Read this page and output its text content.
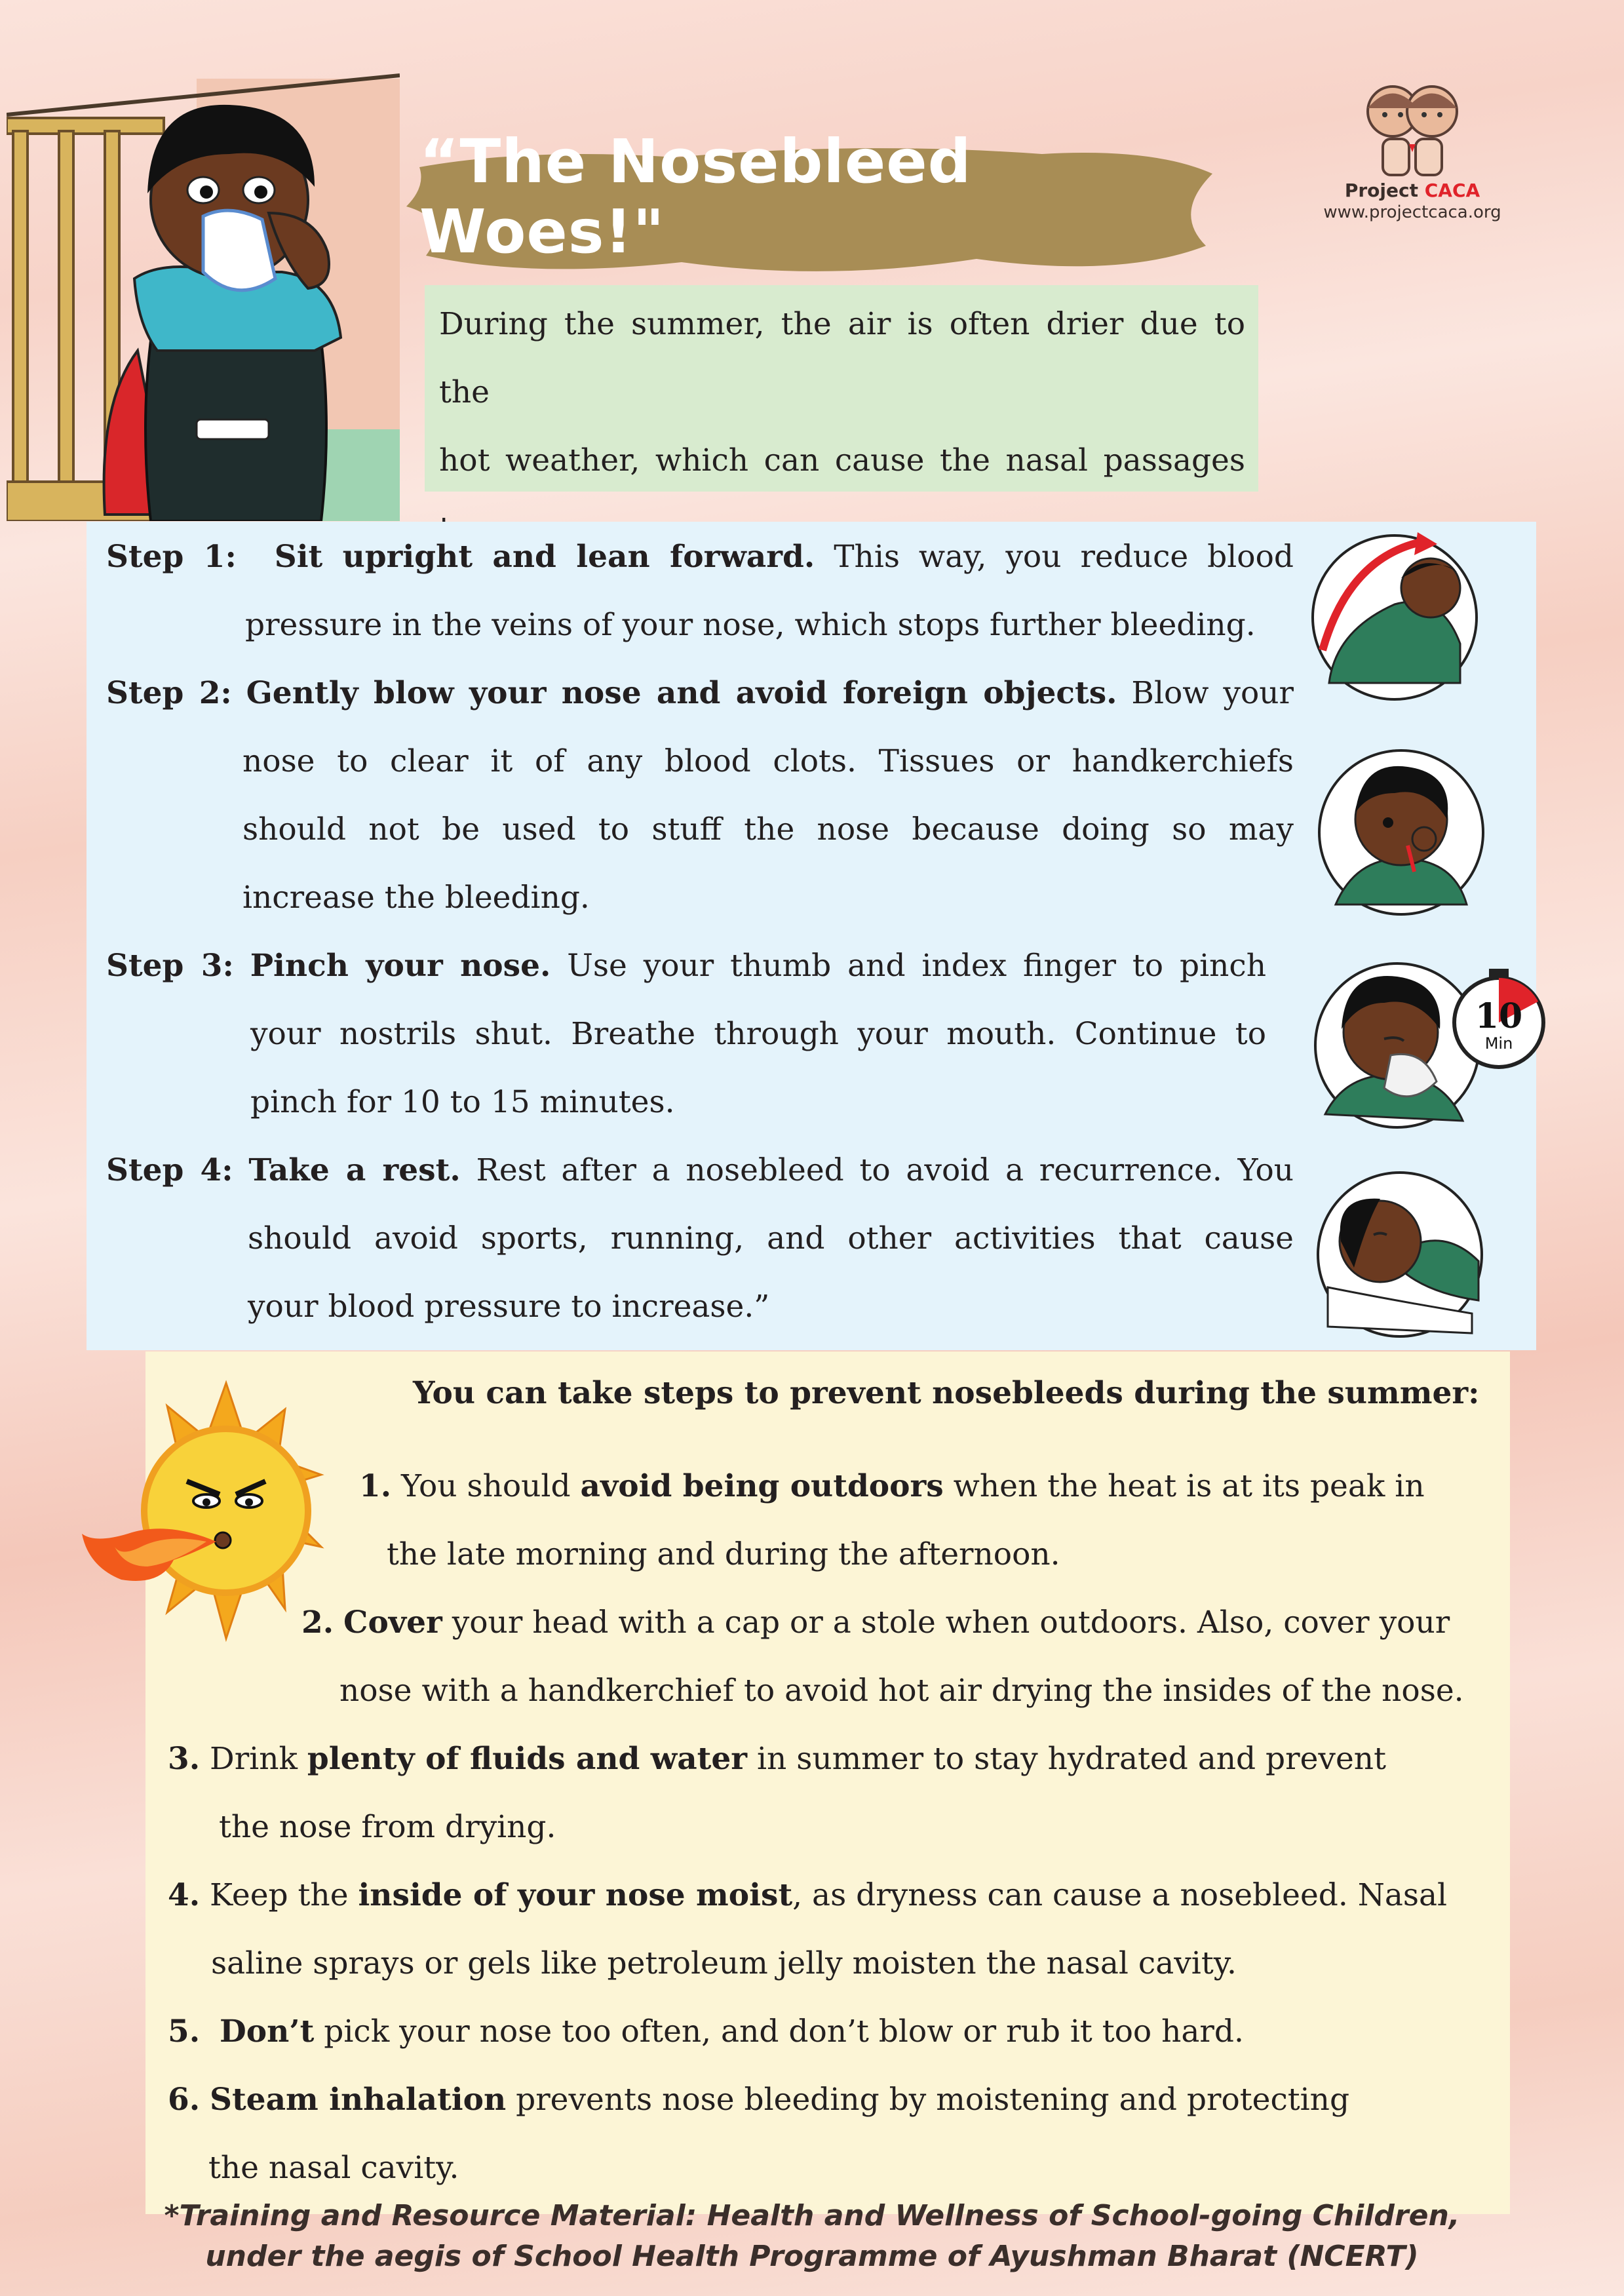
“The Nosebleed Woes!"
Project CACA
www.projectcaca.org

During the summer, the air is often drier due to the

hot weather, which can cause the nasal passages

Step 1: Sit upright and lean forward. This way, you reduce blood
pressure in the veins of your nose, which stops further bleeding.
Step 2: Gently blow your nose and avoid foreign objects. Blow your
nose to clear it of any blood clots. Tissues or handkerchiefs
should not be used to stuff the nose because doing so may
increase the bleeding.
Step 3: Pinch your nose. Use your thumb and index finger to pinch
your nostrils shut. Breathe through your mouth. Continue to
pinch for 10 to 15 minutes.
10
Min
Step 4: Take a rest. Rest after a nosebleed to avoid a recurrence. You
should avoid sports, running, and other activities that cause
your blood pressure to increase.”
You can take steps to prevent nosebleeds during the summer:
1. You should avoid being outdoors when the heat is at its peak in
the late morning and during the afternoon.
2. Cover your head with a cap or a stole when outdoors. Also, cover your
nose with a handkerchief to avoid hot air drying the insides of the nose.
3. Drink plenty of fluids and water in summer to stay hydrated and prevent
the nose from drying.
4. Keep the inside of your nose moist, as dryness can cause a nosebleed. Nasal
saline sprays or gels like petroleum jelly moisten the nasal cavity.
5. Don’t pick your nose too often, and don’t blow or rub it too hard.
6. Steam inhalation prevents nose bleeding by moistening and protecting
the nasal cavity.
*Training and Resource Material: Health and Wellness of School-going Children,
under the aegis of School Health Programme of Ayushman Bharat (NCERT)
